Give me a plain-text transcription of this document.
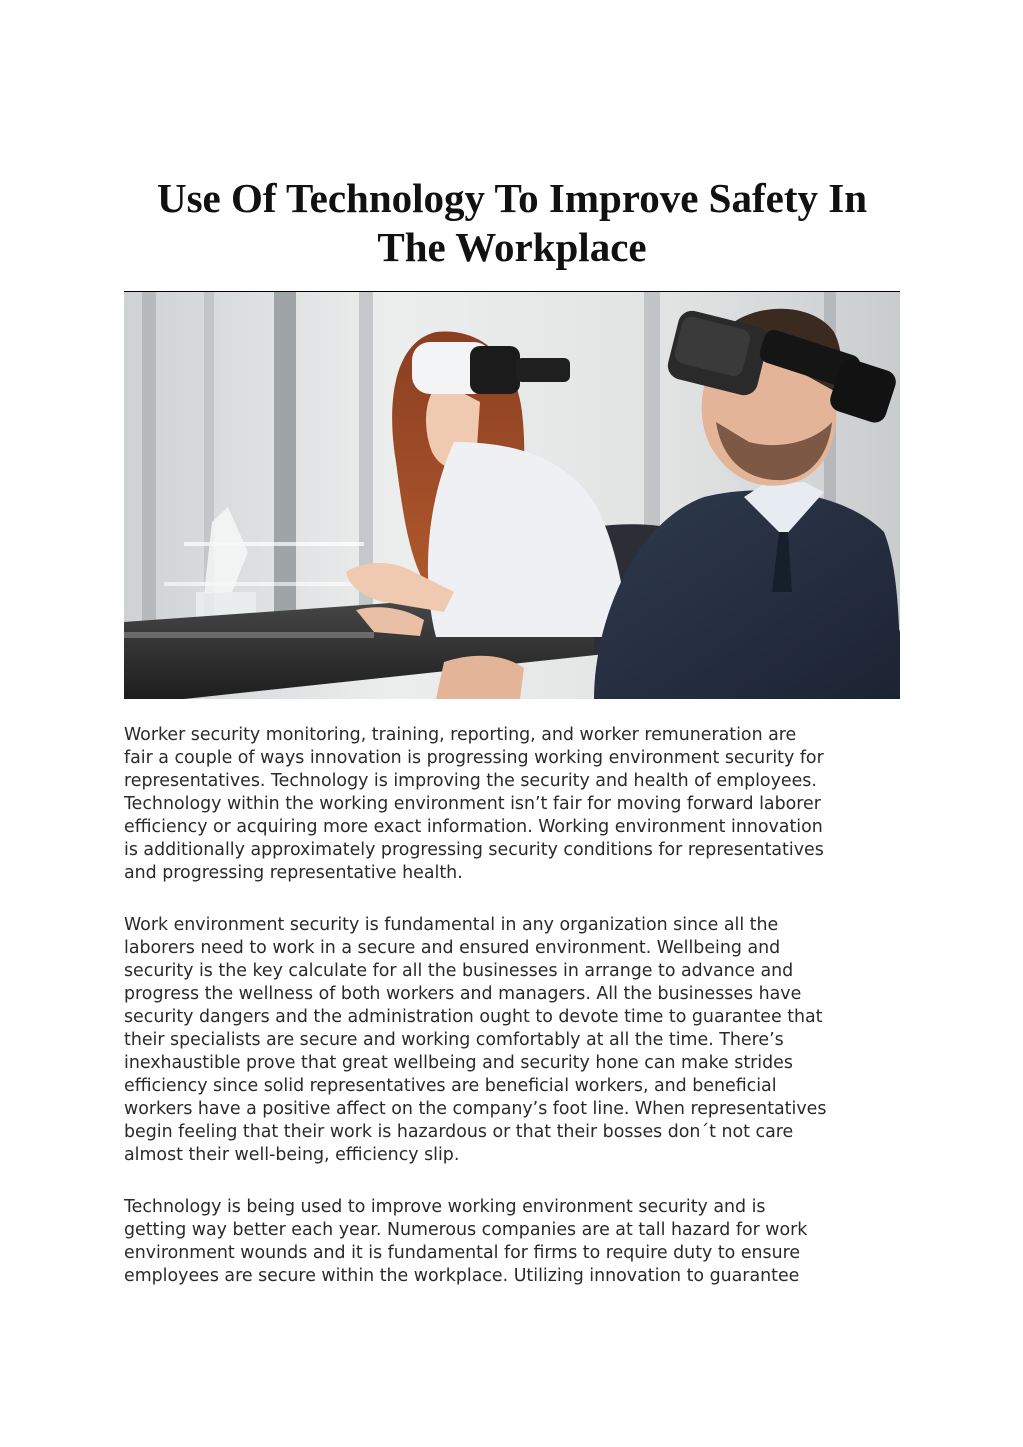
Use Of Technology To Improve Safety In
The Workplace

Worker security monitoring, training, reporting, and worker remuneration are
fair a couple of ways innovation is progressing working environment security for
representatives. Technology is improving the security and health of employees.
Technology within the working environment isn’t fair for moving forward laborer
efficiency or acquiring more exact information. Working environment innovation
is additionally approximately progressing security conditions for representatives
and progressing representative health.

Work environment security is fundamental in any organization since all the
laborers need to work in a secure and ensured environment. Wellbeing and
security is the key calculate for all the businesses in arrange to advance and
progress the wellness of both workers and managers. All the businesses have
security dangers and the administration ought to devote time to guarantee that
their specialists are secure and working comfortably at all the time. There’s
inexhaustible prove that great wellbeing and security hone can make strides
efficiency since solid representatives are beneficial workers, and beneficial
workers have a positive affect on the company’s foot line. When representatives
begin feeling that their work is hazardous or that their bosses don´t not care
almost their well-being, efficiency slip.

Technology is being used to improve working environment security and is
getting way better each year. Numerous companies are at tall hazard for work
environment wounds and it is fundamental for firms to require duty to ensure
employees are secure within the workplace. Utilizing innovation to guarantee
